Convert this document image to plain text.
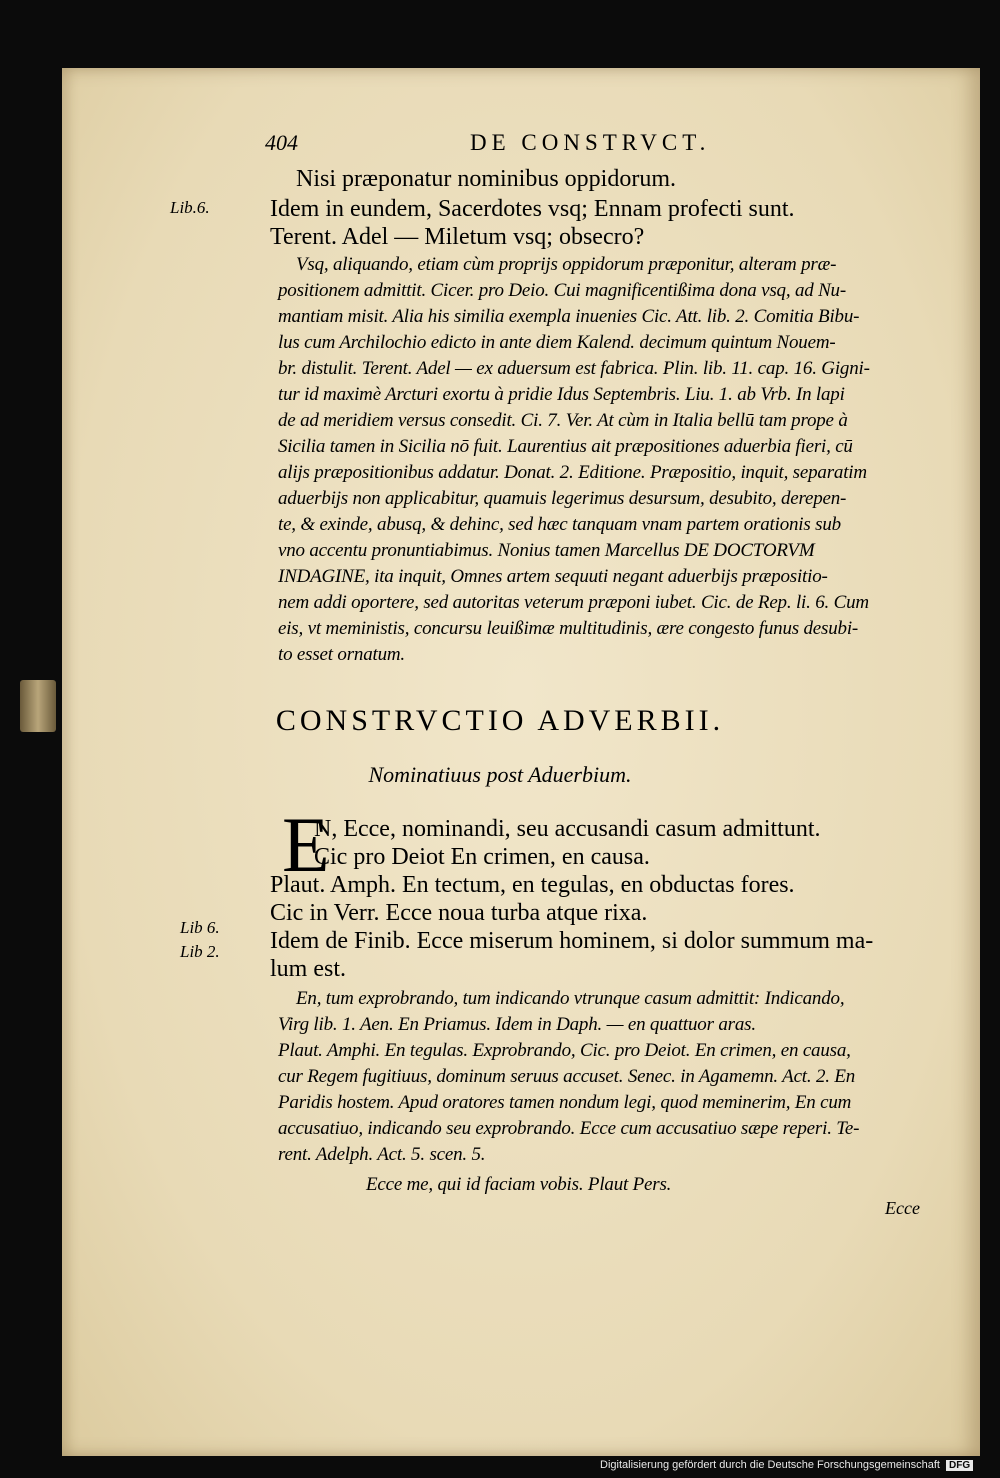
404	DE CONSTRVCT.
Lib.6.
Lib 6.
Lib 2.
Nisi præponatur nominibus oppidorum.
Idem in eundem, Sacerdotes vsq; Ennam profecti sunt.
Terent. Adel — Miletum vsq; obsecro?
Vsq, aliquando, etiam cùm proprijs oppidorum præponitur, alteram præ-
positionem admittit. Cicer. pro Deio. Cui magnificentißima dona vsq, ad Nu-
mantiam misit. Alia his similia exempla inuenies Cic. Att. lib. 2. Comitia Bibu-
lus cum Archilochio edicto in ante diem Kalend. decimum quintum Nouem-
br. distulit. Terent. Adel — ex aduersum est fabrica. Plin. lib. 11. cap. 16. Gigni-
tur id maximè Arcturi exortu à pridie Idus Septembris. Liu. 1. ab Vrb. In lapi
de ad meridiem versus consedit. Ci. 7. Ver. At cùm in Italia bellū tam prope à
Sicilia tamen in Sicilia nō fuit. Laurentius ait præpositiones aduerbia fieri, cū
alijs præpositionibus addatur. Donat. 2. Editione. Præpositio, inquit, separatim
aduerbijs non applicabitur, quamuis legerimus desursum, desubito, derepen-
te, & exinde, abusq, & dehinc, sed hæc tanquam vnam partem orationis sub
vno accentu pronuntiabimus. Nonius tamen Marcellus DE DOCTORVM
INDAGINE, ita inquit, Omnes artem sequuti negant aduerbijs præpositio-
nem addi oportere, sed autoritas veterum præponi iubet. Cic. de Rep. li. 6. Cum
eis, vt meministis, concursu leuißimæ multitudinis, ære congesto funus desubi-
to esset ornatum.
CONSTRVCTIO ADVERBII.
Nominatiuus post Aduerbium.
E
N, Ecce, nominandi, seu accusandi casum admittunt.
Cic pro Deiot En crimen, en causa.
Plaut. Amph. En tectum, en tegulas, en obductas fores.
Cic in Verr. Ecce noua turba atque rixa.
Idem de Finib. Ecce miserum hominem, si dolor summum ma-
lum est.
En, tum exprobrando, tum indicando vtrunque casum admittit: Indicando,
Virg lib. 1. Aen. En Priamus. Idem in Daph. — en quattuor aras.
Plaut. Amphi. En tegulas. Exprobrando, Cic. pro Deiot. En crimen, en causa,
cur Regem fugitiuus, dominum seruus accuset. Senec. in Agamemn. Act. 2. En
Paridis hostem. Apud oratores tamen nondum legi, quod meminerim, En cum
accusatiuo, indicando seu exprobrando. Ecce cum accusatiuo sæpe reperi. Te-
rent. Adelph. Act. 5. scen. 5.
Ecce me, qui id faciam vobis. Plaut Pers.
Ecce
Digitalisierung gefördert durch die Deutsche Forschungsgemeinschaft DFG
